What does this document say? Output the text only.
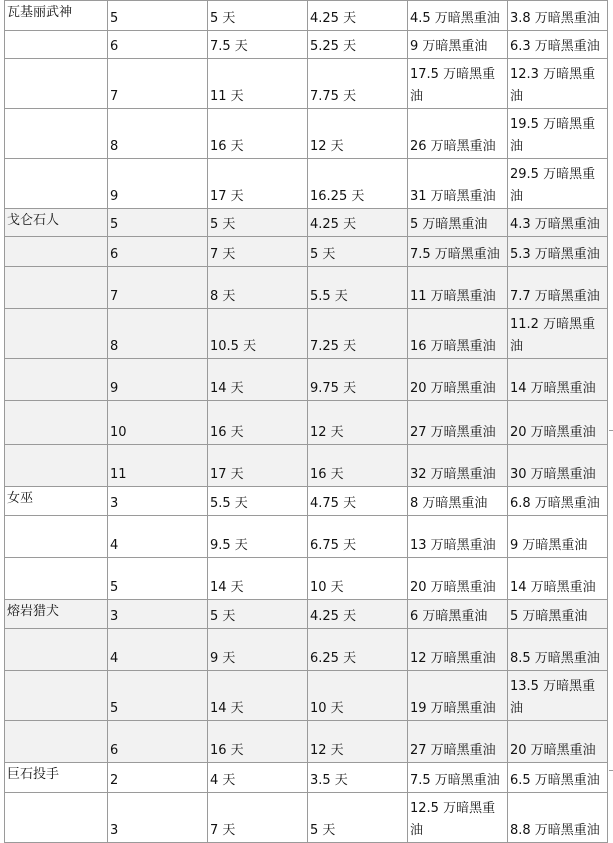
瓦基丽武神	5	5 天	4.25 天	4.5 万暗黑重油	3.8 万暗黑重油
	6	7.5 天	5.25 天	9 万暗黑重油	6.3 万暗黑重油
	7	11 天	7.75 天	17.5 万暗黑重油	12.3 万暗黑重油
	8	16 天	12 天	26 万暗黑重油	19.5 万暗黑重油
	9	17 天	16.25 天	31 万暗黑重油	29.5 万暗黑重油
戈仑石人	5	5 天	4.25 天	5 万暗黑重油	4.3 万暗黑重油
	6	7 天	5 天	7.5 万暗黑重油	5.3 万暗黑重油
	7	8 天	5.5 天	11 万暗黑重油	7.7 万暗黑重油
	8	10.5 天	7.25 天	16 万暗黑重油	11.2 万暗黑重油
	9	14 天	9.75 天	20 万暗黑重油	14 万暗黑重油
	10	16 天	12 天	27 万暗黑重油	20 万暗黑重油
	11	17 天	16 天	32 万暗黑重油	30 万暗黑重油
女巫	3	5.5 天	4.75 天	8 万暗黑重油	6.8 万暗黑重油
	4	9.5 天	6.75 天	13 万暗黑重油	9 万暗黑重油
	5	14 天	10 天	20 万暗黑重油	14 万暗黑重油
熔岩猎犬	3	5 天	4.25 天	6 万暗黑重油	5 万暗黑重油
	4	9 天	6.25 天	12 万暗黑重油	8.5 万暗黑重油
	5	14 天	10 天	19 万暗黑重油	13.5 万暗黑重油
	6	16 天	12 天	27 万暗黑重油	20 万暗黑重油
巨石投手	2	4 天	3.5 天	7.5 万暗黑重油	6.5 万暗黑重油
	3	7 天	5 天	12.5 万暗黑重油	8.8 万暗黑重油
